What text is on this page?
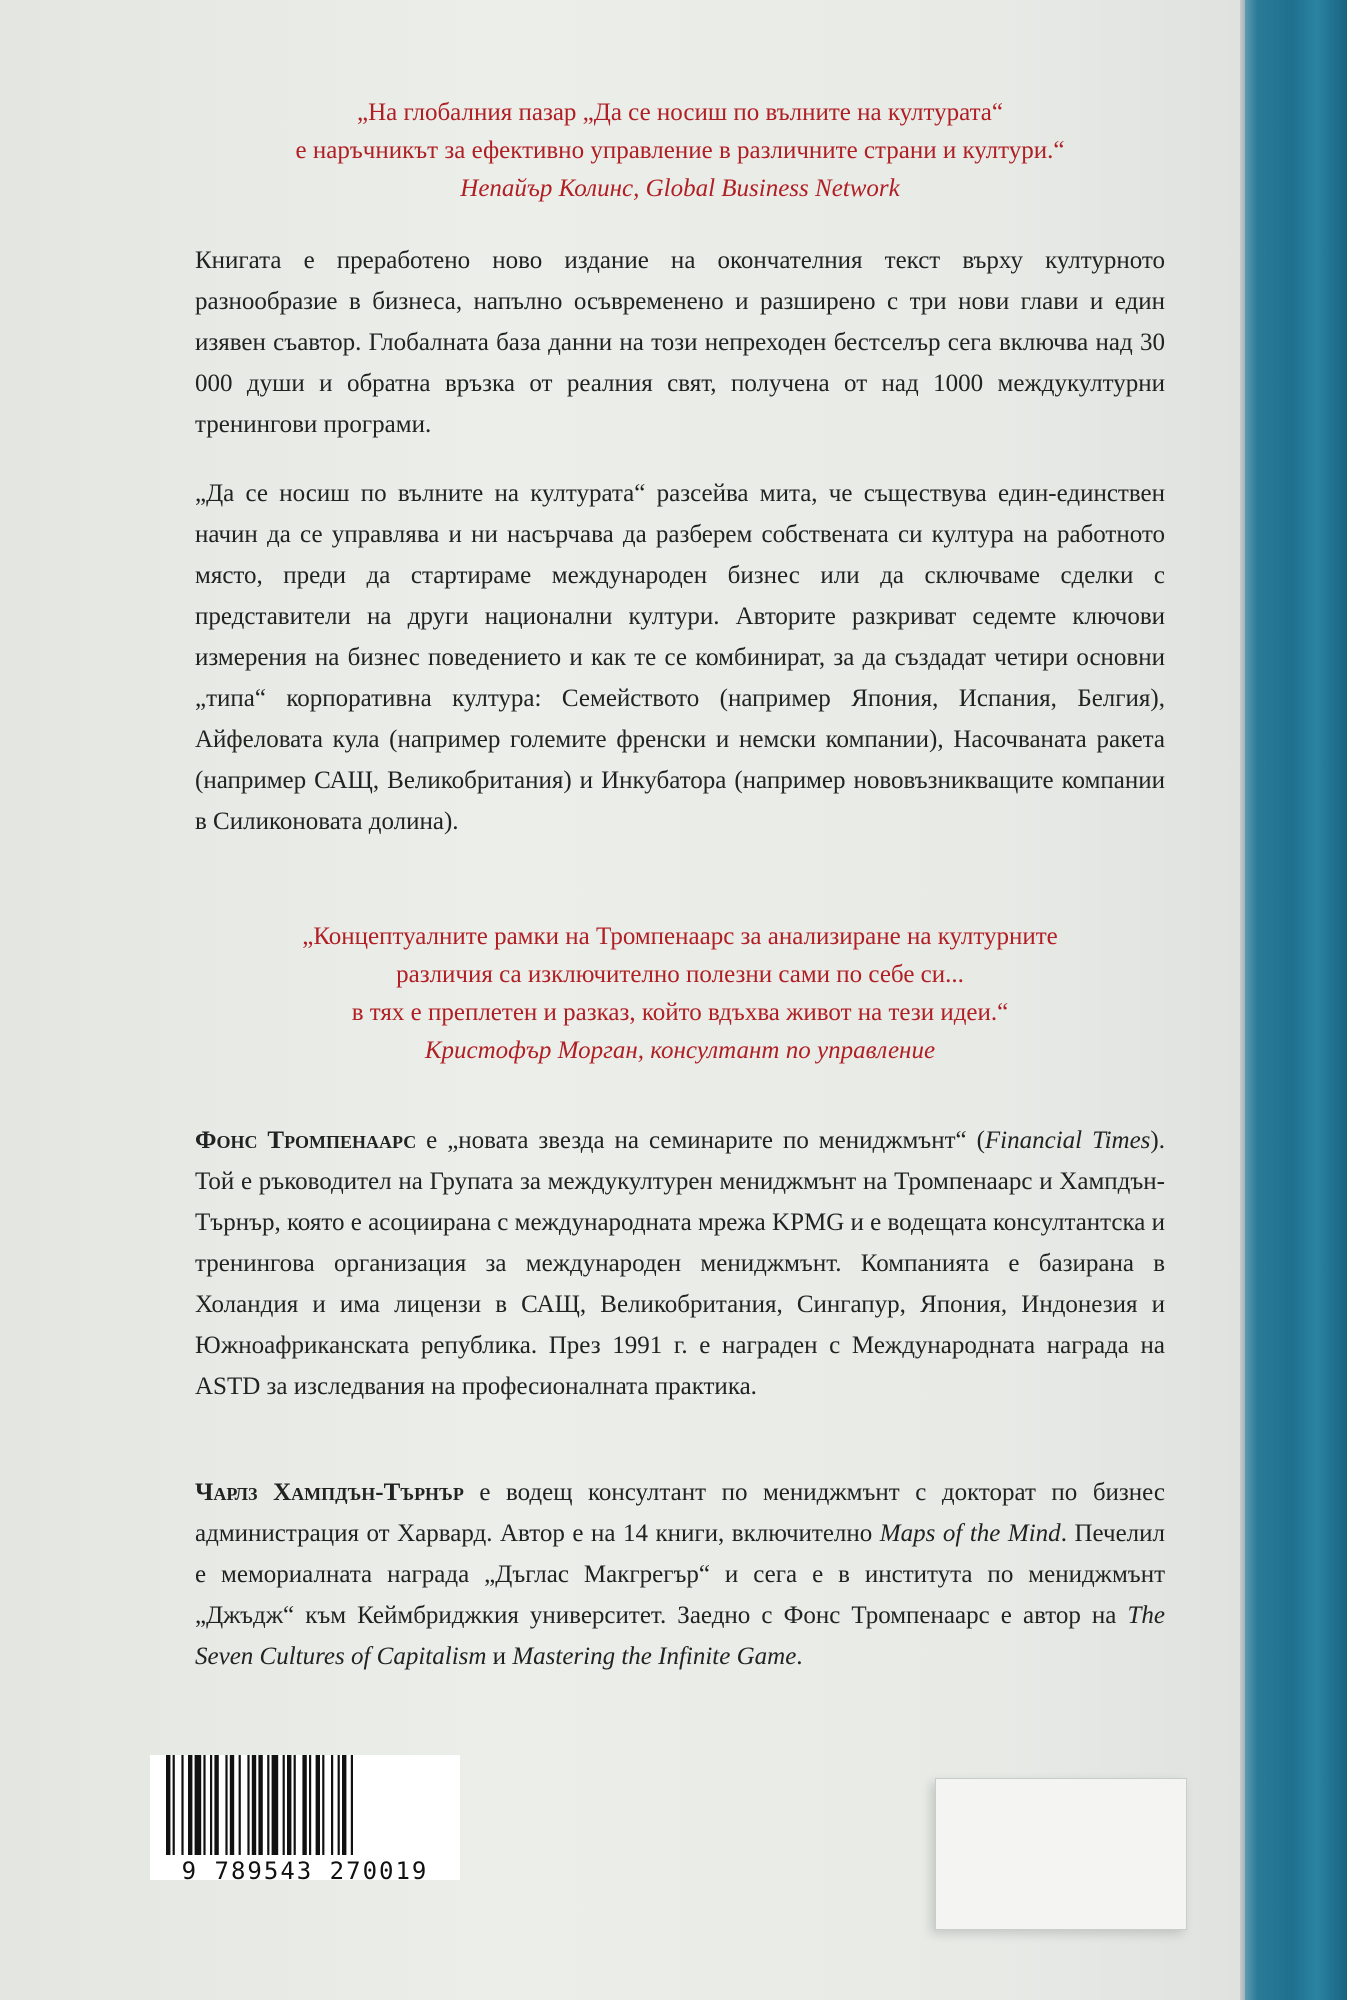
„На глобалния пазар „Да се носиш по вълните на културата“
е наръчникът за ефективно управление в различните страни и култури.“
Непайър Колинс, Global Business Network
Книгата е преработено ново издание на окончателния текст върху културното разнообразие в бизнеса, напълно осъвременено и разширено с три нови глави и един изявен съавтор. Глобалната база данни на този непреходен бестселър сега включва над 30 000 души и обратна връзка от реалния свят, получена от над 1000 междукултурни тренингови програми.
„Да се носиш по вълните на културата“ разсейва мита, че съществува един-единствен начин да се управлява и ни насърчава да разберем собствената си култура на работното място, преди да стартираме международен бизнес или да сключваме сделки с представители на други национални култури. Авторите разкриват седемте ключови измерения на бизнес поведението и как те се комбинират, за да създадат четири основни „типа“ корпоративна култура: Семейството (например Япония, Испания, Белгия), Айфеловата кула (например големите френски и немски компании), Насочваната ракета (например САЩ, Великобритания) и Инкубатора (например нововъзникващите компании в Силиконовата долина).
„Концептуалните рамки на Тромпенаарс за анализиране на културните
различия са изключително полезни сами по себе си...
в тях е преплетен и разказ, който вдъхва живот на тези идеи.“
Кристофър Морган, консултант по управление
Фонс Тромпенаарс е „новата звезда на семинарите по мениджмънт“ (Financial Times). Той е ръководител на Групата за междукултурен мениджмънт на Тромпенаарс и Хампдън-Търнър, която е асоциирана с международната мрежа KPMG и е водещата консултантска и тренингова организация за международен мениджмънт. Компанията е базирана в Холандия и има лицензи в САЩ, Великобритания, Сингапур, Япония, Индонезия и Южноафриканската република. През 1991 г. е награден с Международната награда на ASTD за изследвания на професионалната практика.
Чарлз Хампдън-Търнър е водещ консултант по мениджмънт с докторат по бизнес администрация от Харвард. Автор е на 14 книги, включително Maps of the Mind. Печелил е мемориалната награда „Дъглас Макгрегър“ и сега е в института по мениджмънт „Джъдж“ към Кеймбриджкия университет. Заедно с Фонс Тромпенаарс е автор на The Seven Cultures of Capitalism и Mastering the Infinite Game.
9 789543 270019
